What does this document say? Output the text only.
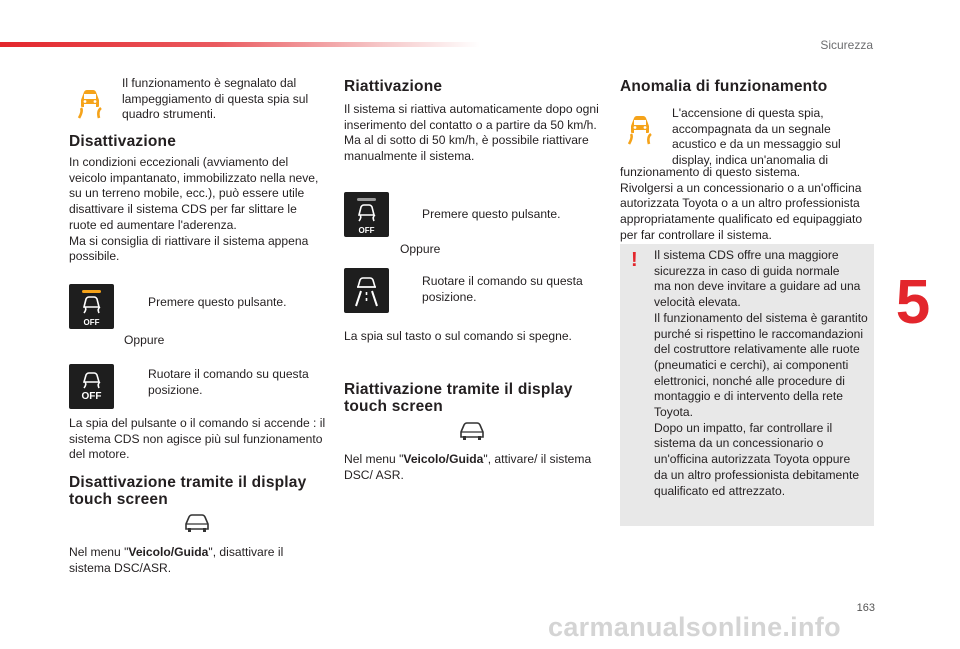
Sicurezza
5
163
carmanualsonline.info
Il funzionamento è segnalato dal
lampeggiamento di questa spia sul
quadro strumenti.
Disattivazione
In condizioni eccezionali (avviamento del
veicolo impantanato, immobilizzato nella neve,
su un terreno mobile, ecc.), può essere utile
disattivare il sistema CDS per far slittare le
ruote ed aumentare l'aderenza.
Ma si consiglia di riattivare il sistema appena
possibile.
OFF
Premere questo pulsante.
Oppure
OFF
Ruotare il comando su questa
posizione.
La spia del pulsante o il comando si accende : il
sistema CDS non agisce più sul funzionamento
del motore.
Disattivazione tramite il display
touch screen
Nel menu "Veicolo/Guida", disattivare il
sistema DSC/ASR.
Riattivazione
Il sistema si riattiva automaticamente dopo ogni
inserimento del contatto o a partire da 50 km/h.
Ma al di sotto di 50 km/h, è possibile riattivare
manualmente il sistema.
OFF
Premere questo pulsante.
Oppure
Ruotare il comando su questa
posizione.
La spia sul tasto o sul comando si spegne.
Riattivazione tramite il display
touch screen
Nel menu "Veicolo/Guida", attivare/ il sistema
DSC/ ASR.
Anomalia di funzionamento
L'accensione di questa spia,
accompagnata da un segnale
acustico e da un messaggio sul
display, indica un'anomalia di
funzionamento di questo sistema.
Rivolgersi a un concessionario o a un'officina
autorizzata Toyota o a un altro professionista
appropriatamente qualificato ed equipaggiato
per far controllare il sistema.
! Il sistema CDS offre una maggiore
sicurezza in caso di guida normale
ma non deve invitare a guidare ad una
velocità elevata.
Il funzionamento del sistema è garantito
purché si rispettino le raccomandazioni
del costruttore relativamente alle ruote
(pneumatici e cerchi), ai componenti
elettronici, nonché alle procedure di
montaggio e di intervento della rete
Toyota.
Dopo un impatto, far controllare il
sistema da un concessionario o
un'officina autorizzata Toyota oppure
da un altro professionista debitamente
qualificato ed attrezzato.
